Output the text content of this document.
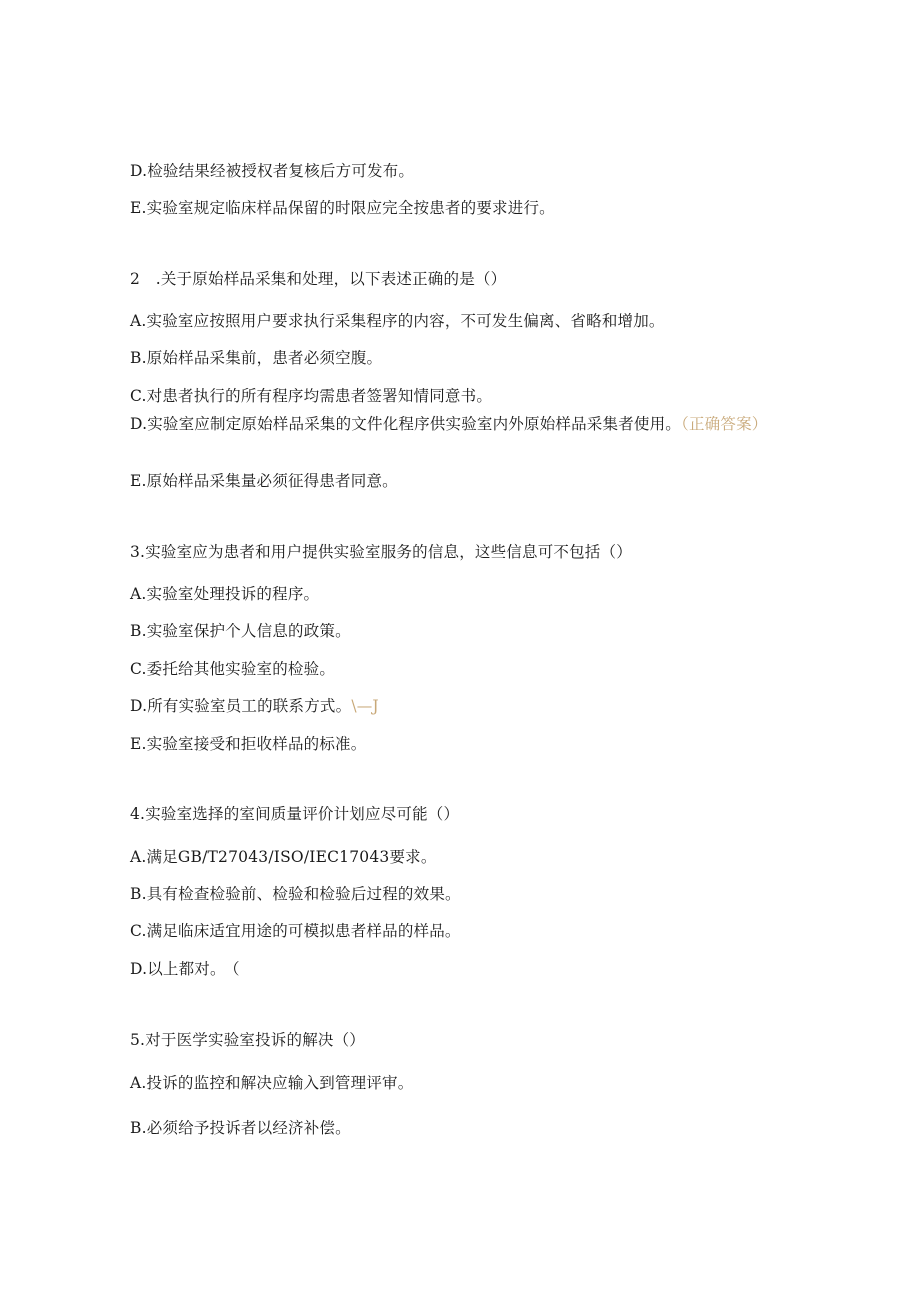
D.检验结果经被授权者复核后方可发布。
E.实验室规定临床样品保留的时限应完全按患者的要求进行。
2　.关于原始样品采集和处理，以下表述正确的是（）
A.实验室应按照用户要求执行采集程序的内容，不可发生偏离、省略和增加。
B.原始样品采集前，患者必须空腹。
C.对患者执行的所有程序均需患者签署知情同意书。
D.实验室应制定原始样品采集的文件化程序供实验室内外原始样品采集者使用。（正确答案）
E.原始样品采集量必须征得患者同意。
3.实验室应为患者和用户提供实验室服务的信息，这些信息可不包括（）
A.实验室处理投诉的程序。
B.实验室保护个人信息的政策。
C.委托给其他实验室的检验。
D.所有实验室员工的联系方式。\—J
E.实验室接受和拒收样品的标准。
4.实验室选择的室间质量评价计划应尽可能（）
A.满足GB/T27043/ISO/IEC17043要求。
B.具有检查检验前、检验和检验后过程的效果。
C.满足临床适宜用途的可模拟患者样品的样品。
D.以上都对。 （
5.对于医学实验室投诉的解决（）
A.投诉的监控和解决应输入到管理评审。
B.必须给予投诉者以经济补偿。
